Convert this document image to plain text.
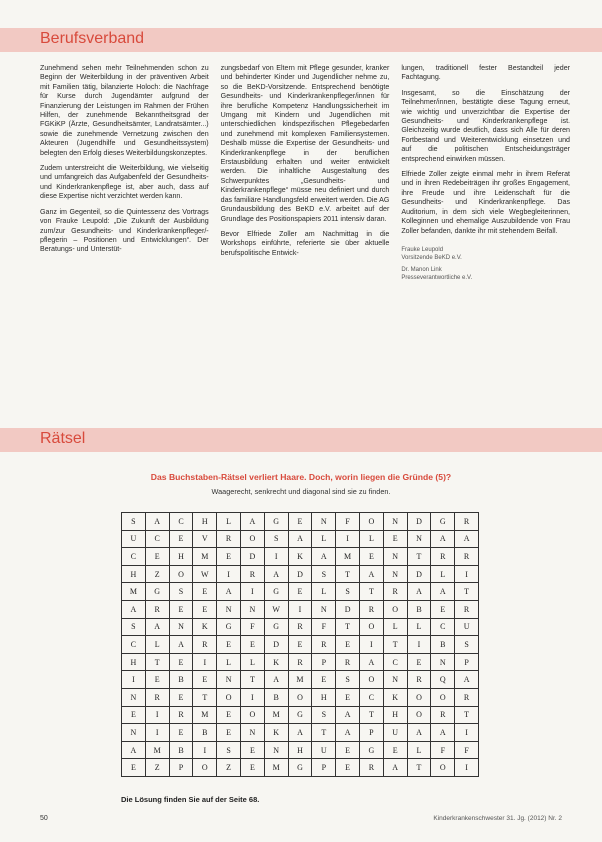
Berufsverband

Zunehmend sehen mehr Teilnehmenden schon zu Beginn der Weiterbildung in der präventiven Arbeit mit Familien tätig, bilanzierte Holoch: die Nachfrage für Kurse durch Jugendämter aufgrund der Finanzierung der Leistungen im Rahmen der Frühen Hilfen, der zunehmende Bekanntheitsgrad der FGKiKP (Ärzte, Gesundheitsämter, Landratsämter...) sowie die zunehmende Vernetzung zwischen den Akteuren (Jugendhilfe und Gesundheitssystem) belegten den Erfolg dieses Weiterbildungskonzeptes.

Zudem unterstreicht die Weiterbildung, wie vielseitig und umfangreich das Aufgabenfeld der Gesundheits- und Kinderkrankenpflege ist, aber auch, dass auf diese Expertise nicht verzichtet werden kann.

Ganz im Gegenteil, so die Quintessenz des Vortrags von Frauke Leupold: „Die Zukunft der Ausbildung zum/zur Gesundheits- und Kinderkrankenpfleger/-pflegerin – Positionen und Entwicklungen“. Der Beratungs- und Unterstüt-

zungsbedarf von Eltern mit Pflege gesunder, kranker und behinderter Kinder und Jugendlicher nehme zu, so die BeKD-Vorsitzende. Entsprechend benötigte Gesundheits- und Kinderkrankenpfleger/innen für ihre berufliche Kompetenz Handlungssicherheit im Umgang mit Kindern und Jugendlichen mit unterschiedlichen kindspezifischen Pflegebedarfen und zunehmend mit komplexen Familiensystemen. Deshalb müsse die Expertise der Gesundheits- und Kinderkrankenpflege in der beruflichen Erstausbildung erhalten und weiter entwickelt werden. Die inhaltliche Ausgestaltung des Schwerpunktes „Gesundheits- und Kinderkrankenpflege“ müsse neu definiert und durch das familiäre Handlungsfeld erweitert werden. Die AG Grundausbildung des BeKD e.V. arbeitet auf der Grundlage des Positionspapiers 2011 intensiv daran.

Bevor Elfriede Zoller am Nachmittag in die Workshops einführte, referierte sie über aktuelle berufspolitische Entwick-

lungen, traditionell fester Bestandteil jeder Fachtagung.

Insgesamt, so die Einschätzung der Teilnehmer/innen, bestätigte diese Tagung erneut, wie wichtig und unverzichtbar die Expertise der Gesundheits- und Kinderkrankenpflege ist. Gleichzeitig wurde deutlich, dass sich Alle für deren Fortbestand und Weiterentwicklung einsetzen und auf die politischen Entscheidungsträger entsprechend einwirken müssen.

Elfriede Zoller zeigte einmal mehr in ihrem Referat und in ihren Redebeiträgen ihr großes Engagement, ihre Freude und ihre Leidenschaft für die Gesundheits- und Kinderkrankenpflege. Das Auditorium, in dem sich viele Wegbegleiterinnen, Kolleginnen und ehemalige Auszubildende von Frau Zoller befanden, dankte ihr mit stehendem Beifall.

Frauke Leupold

Vorsitzende BeKD e.V.

Dr. Manon Link

Presseverantwortliche e.V.

Rätsel
Das Buchstaben-Rätsel verliert Haare. Doch, worin liegen die Gründe (5)?
Waagerecht, senkrecht und diagonal sind sie zu finden.
S	A	C	H	L	A	G	E	N	F	O	N	D	G	R
U	C	E	V	R	O	S	A	L	I	L	E	N	A	A
C	E	H	M	E	D	I	K	A	M	E	N	T	R	R
H	Z	O	W	I	R	A	D	S	T	A	N	D	L	I
M	G	S	E	A	I	G	E	L	S	T	R	A	A	T
A	R	E	E	N	N	W	I	N	D	R	O	B	E	R
S	A	N	K	G	F	G	R	F	T	O	L	L	C	U
C	L	A	R	E	E	D	E	R	E	I	T	I	B	S
H	T	E	I	L	L	K	R	P	R	A	C	E	N	P
I	E	B	E	N	T	A	M	E	S	O	N	R	Q	A
N	R	E	T	O	I	B	O	H	E	C	K	O	O	R
E	I	R	M	E	O	M	G	S	A	T	H	O	R	T
N	I	E	B	E	N	K	A	T	A	P	U	A	A	I
A	M	B	I	S	E	N	H	U	E	G	E	L	F	F
E	Z	P	O	Z	E	M	G	P	E	R	A	T	O	I
Die Lösung finden Sie auf der Seite 68.
50	Kinderkrankenschwester 31. Jg. (2012) Nr. 2
